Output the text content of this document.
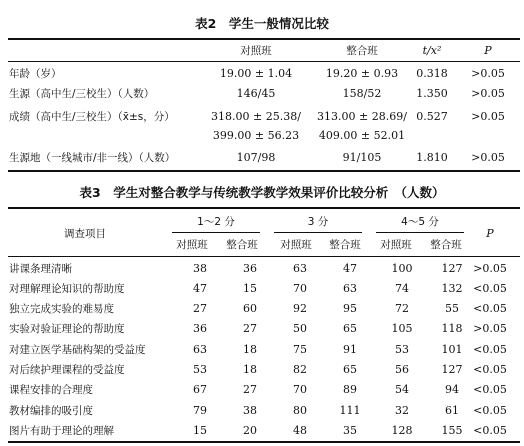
表2　学生一般情况比较
对照班	整合班	t/x²	P
年龄（岁）	19.00 ± 1.04	19.20 ± 0.93 0.318 >0.05
生源（高中生/三校生）（人数）	146/45	158/52	1.350 >0.05
成绩（高中生/三校生）（x̄±s，分）	318.00 ± 25.38/ 313.00 ± 28.69/ 0.527 >0.05
399.00 ± 56.23 409.00 ± 52.01
生源地（一线城市/非一线）（人数）	107/98	91/105	1.810 >0.05
表3　学生对整合教学与传统教学教学效果评价比较分析　（人数）
调查项目
1～2 分	3 分	4～5 分
P
对照班 整合班 对照班 整合班 对照班 整合班
讲课条理清晰	38	36	63	47	100	127 >0.05
对理解理论知识的帮助度	47	15	70	63	74	132 <0.05
独立完成实验的难易度	27	60	92	95	72	55 <0.05
实验对验证理论的帮助度	36	27	50	65	105	118 >0.05
对建立医学基础构架的受益度	63	18	75	91	53	101 <0.05
对后续护理课程的受益度	53	18	82	65	56	127 <0.05
课程安排的合理度	67	27	70	89	54	94 <0.05
教材编排的吸引度	79	38	80	111	32	61 <0.05
图片有助于理论的理解	15	20	48	35	128	155 <0.05
